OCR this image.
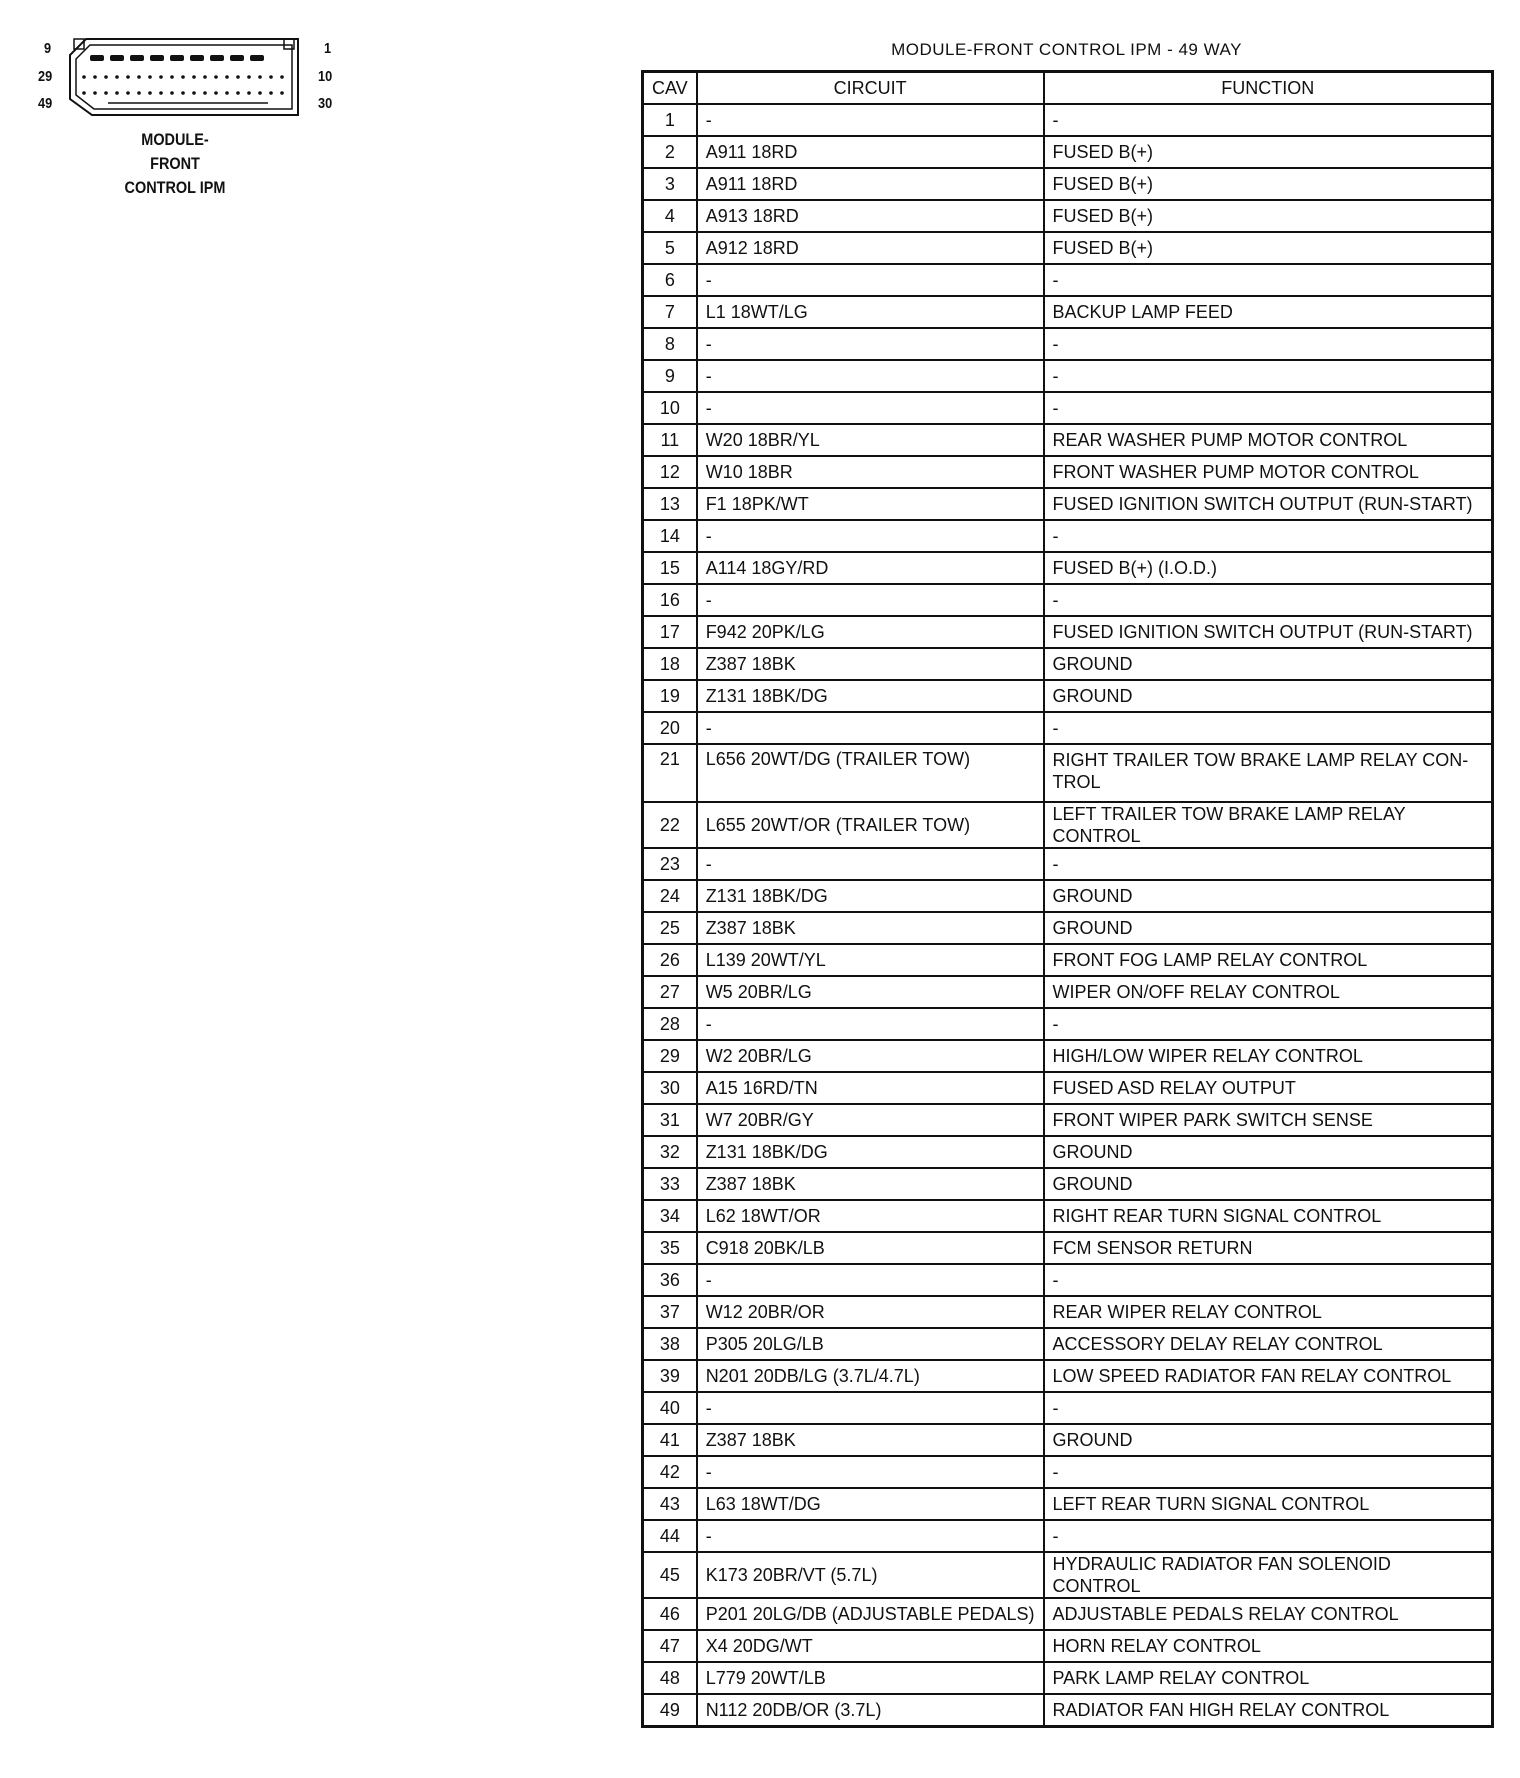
9
29
49
1
10
30
MODULE-
FRONT
CONTROL IPM
MODULE-FRONT CONTROL IPM - 49 WAY
CAV	CIRCUIT	FUNCTION
1	-	-
2	A911 18RD	FUSED B(+)
3	A911 18RD	FUSED B(+)
4	A913 18RD	FUSED B(+)
5	A912 18RD	FUSED B(+)
6	-	-
7	L1 18WT/LG	BACKUP LAMP FEED
8	-	-
9	-	-
10	-	-
11	W20 18BR/YL	REAR WASHER PUMP MOTOR CONTROL
12	W10 18BR	FRONT WASHER PUMP MOTOR CONTROL
13	F1 18PK/WT	FUSED IGNITION SWITCH OUTPUT (RUN-START)
14	-	-
15	A114 18GY/RD	FUSED B(+) (I.O.D.)
16	-	-
17	F942 20PK/LG	FUSED IGNITION SWITCH OUTPUT (RUN-START)
18	Z387 18BK	GROUND
19	Z131 18BK/DG	GROUND
20	-	-
21	L656 20WT/DG (TRAILER TOW)	RIGHT TRAILER TOW BRAKE LAMP RELAY CON-TROL
22	L655 20WT/OR (TRAILER TOW)	LEFT TRAILER TOW BRAKE LAMP RELAY CONTROL
23	-	-
24	Z131 18BK/DG	GROUND
25	Z387 18BK	GROUND
26	L139 20WT/YL	FRONT FOG LAMP RELAY CONTROL
27	W5 20BR/LG	WIPER ON/OFF RELAY CONTROL
28	-	-
29	W2 20BR/LG	HIGH/LOW WIPER RELAY CONTROL
30	A15 16RD/TN	FUSED ASD RELAY OUTPUT
31	W7 20BR/GY	FRONT WIPER PARK SWITCH SENSE
32	Z131 18BK/DG	GROUND
33	Z387 18BK	GROUND
34	L62 18WT/OR	RIGHT REAR TURN SIGNAL CONTROL
35	C918 20BK/LB	FCM SENSOR RETURN
36	-	-
37	W12 20BR/OR	REAR WIPER RELAY CONTROL
38	P305 20LG/LB	ACCESSORY DELAY RELAY CONTROL
39	N201 20DB/LG (3.7L/4.7L)	LOW SPEED RADIATOR FAN RELAY CONTROL
40	-	-
41	Z387 18BK	GROUND
42	-	-
43	L63 18WT/DG	LEFT REAR TURN SIGNAL CONTROL
44	-	-
45	K173 20BR/VT (5.7L)	HYDRAULIC RADIATOR FAN SOLENOID CONTROL
46	P201 20LG/DB (ADJUSTABLE PEDALS)	ADJUSTABLE PEDALS RELAY CONTROL
47	X4 20DG/WT	HORN RELAY CONTROL
48	L779 20WT/LB	PARK LAMP RELAY CONTROL
49	N112 20DB/OR (3.7L)	RADIATOR FAN HIGH RELAY CONTROL
